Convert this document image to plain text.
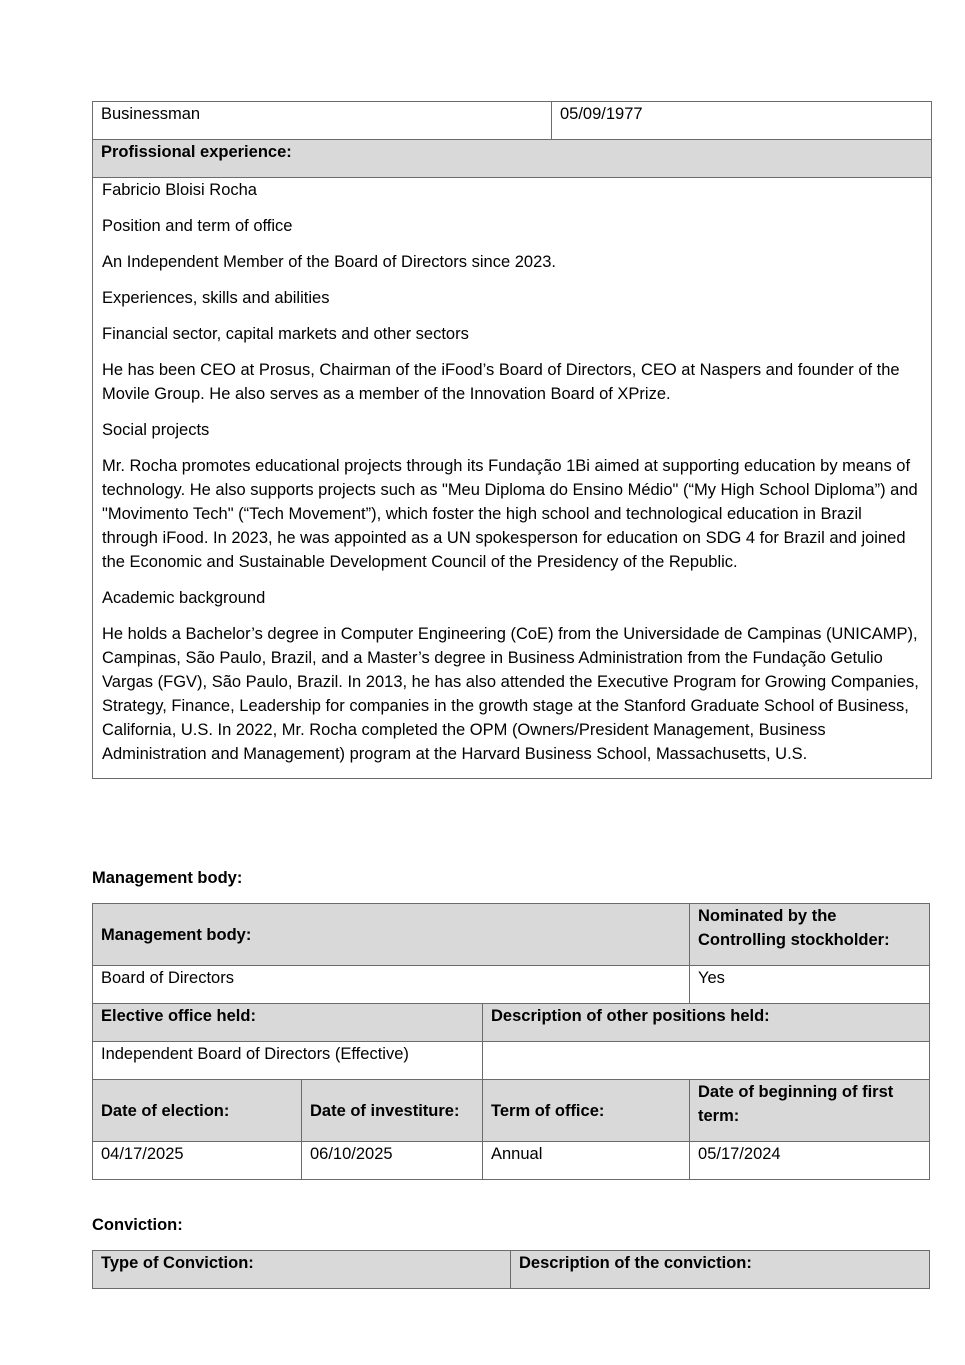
Businessman	05/09/1977
Profissional experience:

Fabricio Bloisi Rocha

Position and term of office

An Independent Member of the Board of Directors since 2023.

Experiences, skills and abilities

Financial sector, capital markets and other sectors

He has been CEO at Prosus, Chairman of the iFood’s Board of Directors, CEO at Naspers and founder of the Movile Group. He also serves as a member of the Innovation Board of XPrize.

Social projects

Mr. Rocha promotes educational projects through its Fundação 1Bi aimed at supporting education by means of technology. He also supports projects such as "Meu Diploma do Ensino Médio" (“My High School Diploma”) and "Movimento Tech" (“Tech Movement”), which foster the high school and technological education in Brazil through iFood. In 2023, he was appointed as a UN spokesperson for education on SDG 4 for Brazil and joined the Economic and Sustainable Development Council of the Presidency of the Republic.

Academic background

He holds a Bachelor’s degree in Computer Engineering (CoE) from the Universidade de Campinas (UNICAMP), Campinas, São Paulo, Brazil, and a Master’s degree in Business Administration from the Fundação Getulio Vargas (FGV), São Paulo, Brazil. In 2013, he has also attended the Executive Program for Growing Companies, Strategy, Finance, Leadership for companies in the growth stage at the Stanford Graduate School of Business, California, U.S. In 2022, Mr. Rocha completed the OPM (Owners/President Management, Business Administration and Management) program at the Harvard Business School, Massachusetts, U.S.

Management body:
Management body:			Nominated by the Controlling stockholder:
Board of Directors			Yes
Elective office held:		Description of other positions held:	
Independent Board of Directors (Effective)			
Date of election:	Date of investiture:	Term of office:	Date of beginning of first term:
04/17/2025	06/10/2025	Annual	05/17/2024
Conviction:
Type of Conviction:	Description of the conviction:
